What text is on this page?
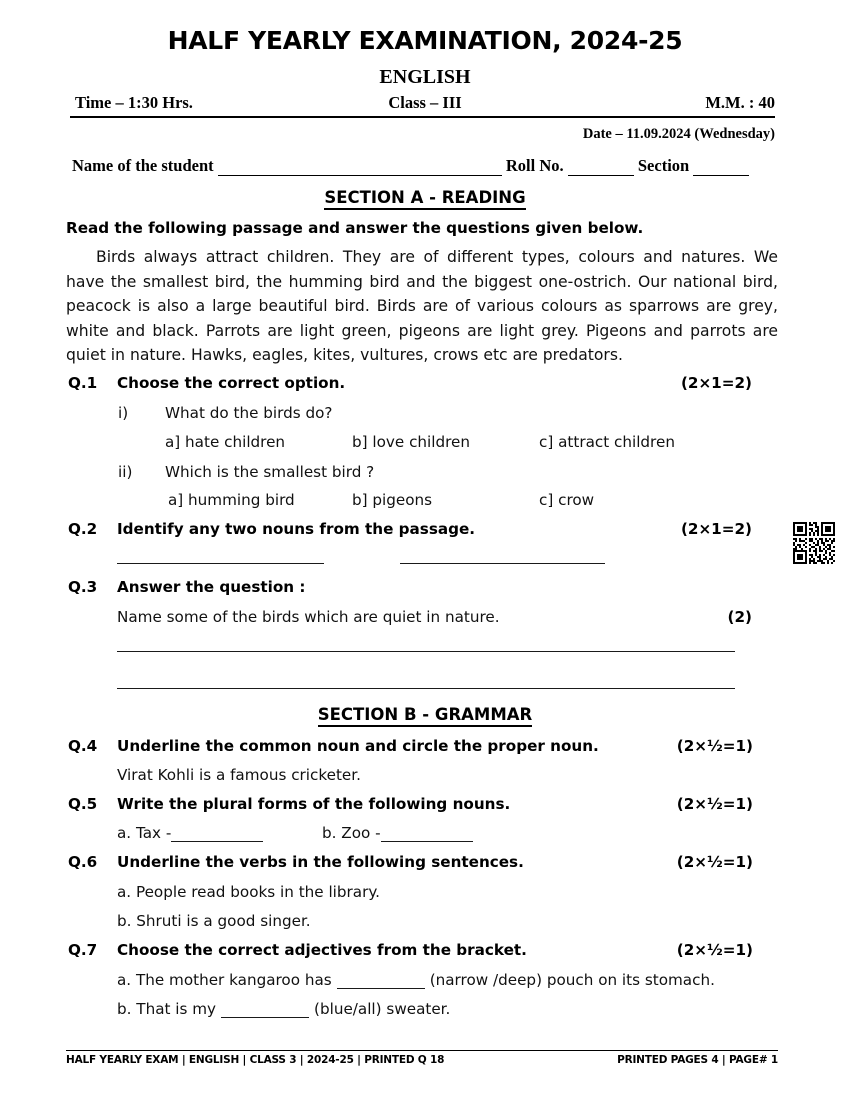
HALF YEARLY EXAMINATION, 2024-25
ENGLISH
Time – 1:30 Hrs.	Class – III	M.M. : 40
Date – 11.09.2024 (Wednesday)
Name of the student	Roll No.	Section
SECTION A - READING
Read the following passage and answer the questions given below.
Birds always attract children. They are of different types, colours and natures. We have the smallest bird, the humming bird and the biggest one-ostrich. Our national bird, peacock is also a large beautiful bird. Birds are of various colours as sparrows are grey, white and black. Parrots are light green, pigeons are light grey. Pigeons and parrots are quiet in nature. Hawks, eagles, kites, vultures, crows etc are predators.
Q.1 Choose the correct option.	(2×1=2)
i) What do the birds do?
a] hate children	b] love children	c] attract children
ii) Which is the smallest bird ?
a] humming bird	b] pigeons	c] crow
Q.2 Identify any two nouns from the passage.	(2×1=2)
Q.3 Answer the question :
Name some of the birds which are quiet in nature.	(2)
SECTION B - GRAMMAR
Q.4 Underline the common noun and circle the proper noun.	(2×½=1)
Virat Kohli is a famous cricketer.
Q.5 Write the plural forms of the following nouns.	(2×½=1)
a. Tax -	b. Zoo -
Q.6 Underline the verbs in the following sentences.	(2×½=1)
a. People read books in the library.
b. Shruti is a good singer.
Q.7 Choose the correct adjectives from the bracket.	(2×½=1)
a. The mother kangaroo has	(narrow /deep) pouch on its stomach.
b. That is my	(blue/all) sweater.
HALF YEARLY EXAM | ENGLISH | CLASS 3 | 2024-25 | PRINTED Q 18	PRINTED PAGES 4 | PAGE# 1
